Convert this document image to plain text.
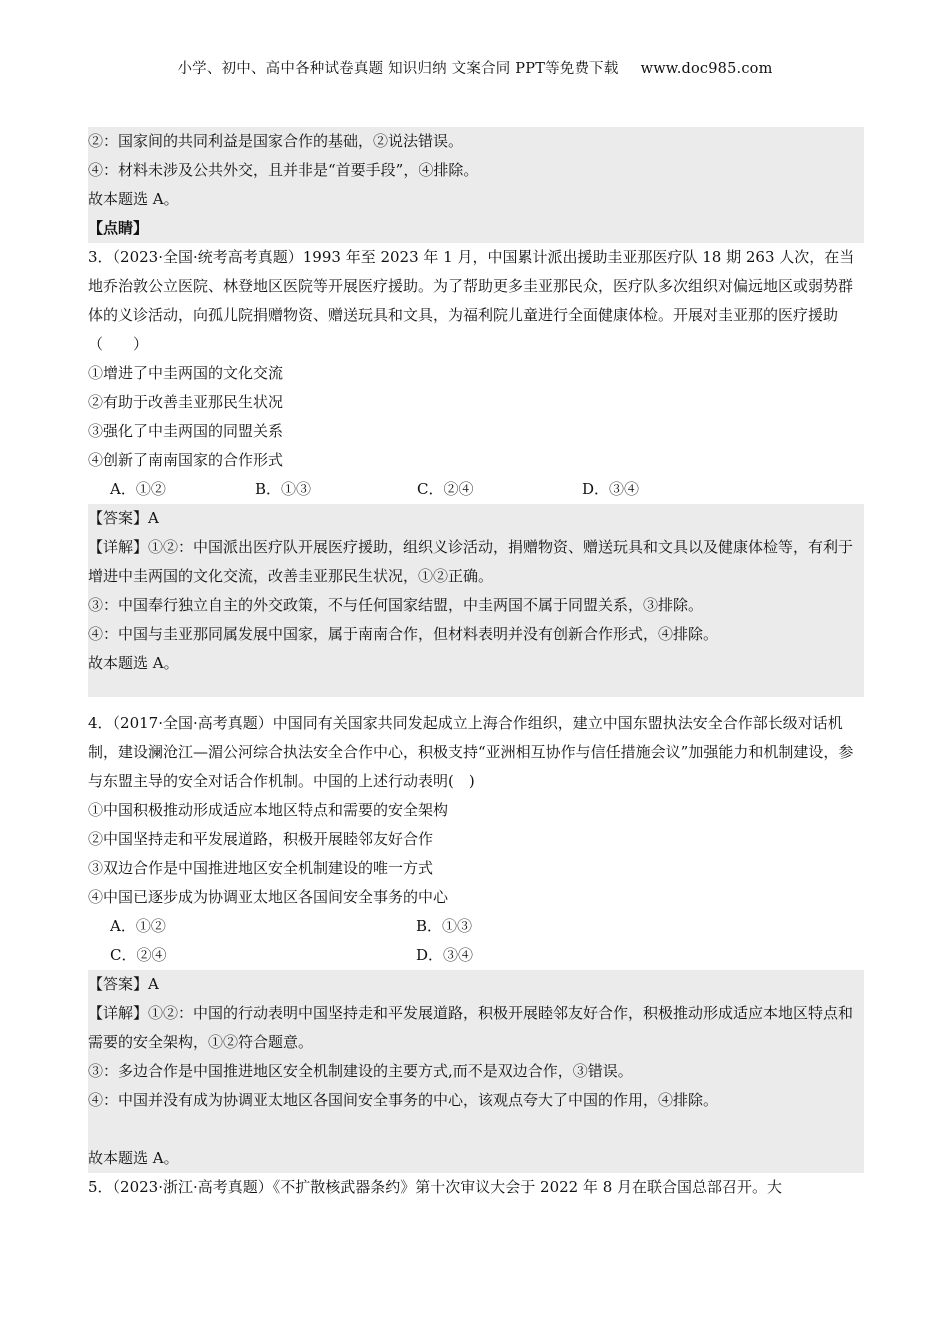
小学、初中、高中各种试卷真题 知识归纳 文案合同 PPT等免费下载 www.doc985.com
②：国家间的共同利益是国家合作的基础，②说法错误。
④：材料未涉及公共外交，且并非是“首要手段”，④排除。
故本题选 A。
【点睛】
3．（2023·全国·统考高考真题）1993 年至 2023 年 1 月，中国累计派出援助圭亚那医疗队 18 期 263 人次，在当地乔治敦公立医院、林登地区医院等开展医疗援助。为了帮助更多圭亚那民众，医疗队多次组织对偏远地区或弱势群体的义诊活动，向孤儿院捐赠物资、赠送玩具和文具，为福利院儿童进行全面健康体检。开展对圭亚那的医疗援助（　　）
①增进了中圭两国的文化交流
②有助于改善圭亚那民生状况
③强化了中圭两国的同盟关系
④创新了南南国家的合作形式
A．①②	B．①③	C．②④	D．③④
【答案】A
【详解】①②：中国派出医疗队开展医疗援助，组织义诊活动，捐赠物资、赠送玩具和文具以及健康体检等，有利于增进中圭两国的文化交流，改善圭亚那民生状况，①②正确。
③：中国奉行独立自主的外交政策，不与任何国家结盟，中圭两国不属于同盟关系，③排除。
④：中国与圭亚那同属发展中国家，属于南南合作，但材料表明并没有创新合作形式，④排除。
故本题选 A。
4．（2017·全国·高考真题）中国同有关国家共同发起成立上海合作组织，建立中国东盟执法安全合作部长级对话机制，建设澜沧江—湄公河综合执法安全合作中心，积极支持“亚洲相互协作与信任措施会议”加强能力和机制建设，参与东盟主导的安全对话合作机制。中国的上述行动表明(　)
①中国积极推动形成适应本地区特点和需要的安全架构
②中国坚持走和平发展道路，积极开展睦邻友好合作
③双边合作是中国推进地区安全机制建设的唯一方式
④中国已逐步成为协调亚太地区各国间安全事务的中心
A．①②	B．①③
C．②④	D．③④
【答案】A
【详解】①②：中国的行动表明中国坚持走和平发展道路，积极开展睦邻友好合作，积极推动形成适应本地区特点和需要的安全架构，①②符合题意。
③：多边合作是中国推进地区安全机制建设的主要方式,而不是双边合作，③错误。
④：中国并没有成为协调亚太地区各国间安全事务的中心，该观点夸大了中国的作用，④排除。
故本题选 A。
5．（2023·浙江·高考真题）《不扩散核武器条约》第十次审议大会于 2022 年 8 月在联合国总部召开。大
